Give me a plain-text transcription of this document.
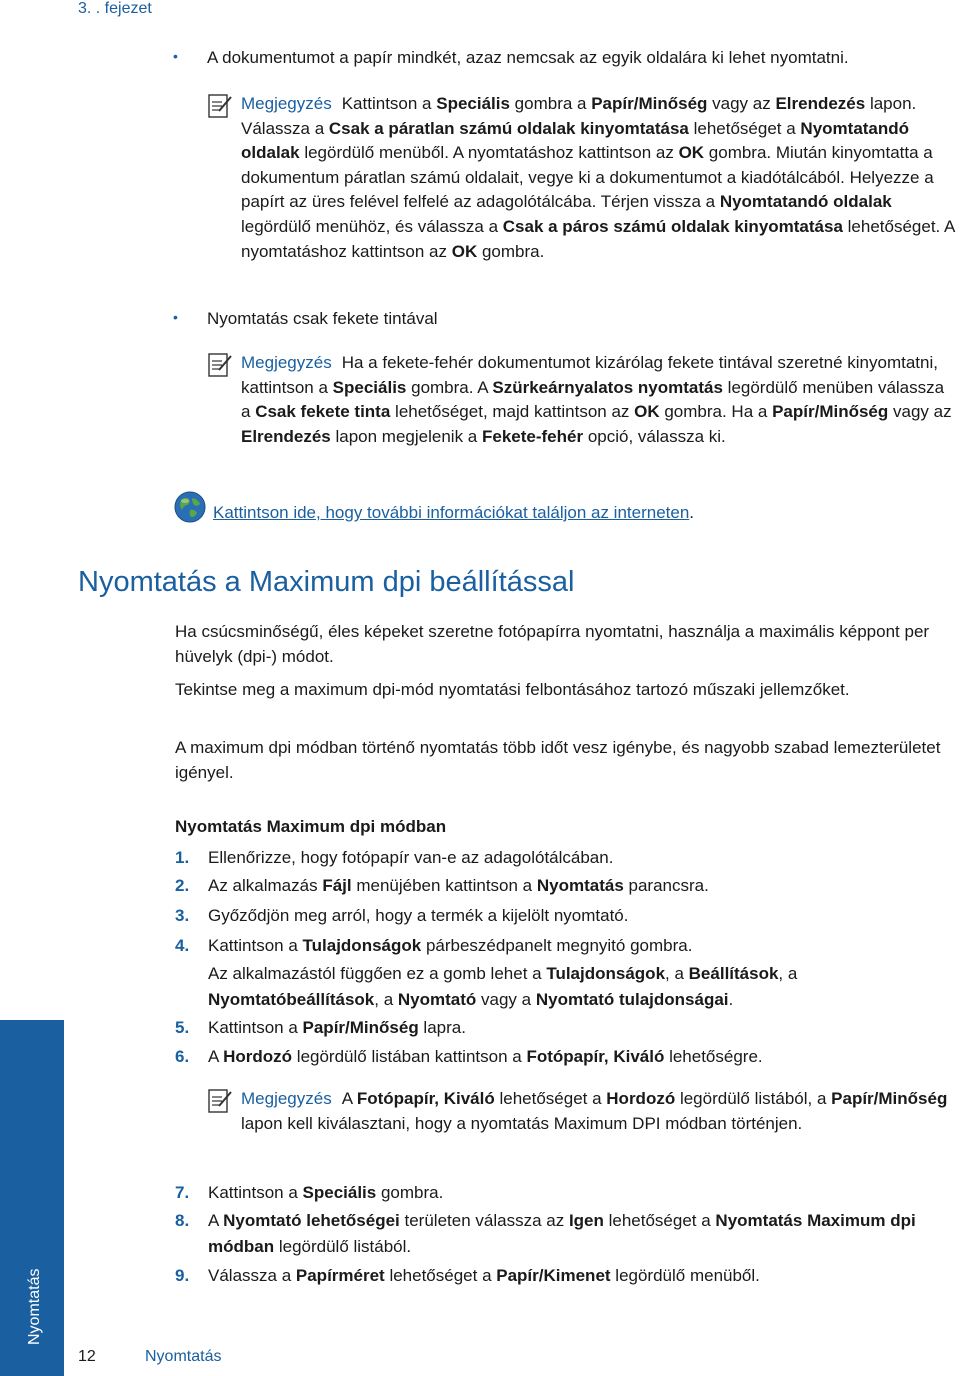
3. . fejezet
• A dokumentumot a papír mindkét, azaz nemcsak az egyik oldalára ki lehet nyomtatni.
Megjegyzés Kattintson a Speciális gombra a Papír/Minőség vagy az Elrendezés lapon. Válassza a Csak a páratlan számú oldalak kinyomtatása lehetőséget a Nyomtatandó oldalak legördülő menüből. A nyomtatáshoz kattintson az OK gombra. Miután kinyomtatta a dokumentum páratlan számú oldalait, vegye ki a dokumentumot a kiadótálcából. Helyezze a papírt az üres felével felfelé az adagolótálcába. Térjen vissza a Nyomtatandó oldalak legördülő menühöz, és válassza a Csak a páros számú oldalak kinyomtatása lehetőséget. A nyomtatáshoz kattintson az OK gombra.
• Nyomtatás csak fekete tintával
Megjegyzés Ha a fekete-fehér dokumentumot kizárólag fekete tintával szeretné kinyomtatni, kattintson a Speciális gombra. A Szürkeárnyalatos nyomtatás legördülő menüben válassza a Csak fekete tinta lehetőséget, majd kattintson az OK gombra. Ha a Papír/Minőség vagy az Elrendezés lapon megjelenik a Fekete-fehér opció, válassza ki.
Kattintson ide, hogy további információkat találjon az interneten.
Nyomtatás a Maximum dpi beállítással
Ha csúcsminőségű, éles képeket szeretne fotópapírra nyomtatni, használja a maximális képpont per hüvelyk (dpi-) módot.
Tekintse meg a maximum dpi-mód nyomtatási felbontásához tartozó műszaki jellemzőket.
A maximum dpi módban történő nyomtatás több időt vesz igénybe, és nagyobb szabad lemezterületet igényel.
Nyomtatás Maximum dpi módban
1. Ellenőrizze, hogy fotópapír van-e az adagolótálcában.
2. Az alkalmazás Fájl menüjében kattintson a Nyomtatás parancsra.
3. Győződjön meg arról, hogy a termék a kijelölt nyomtató.
4. Kattintson a Tulajdonságok párbeszédpanelt megnyitó gombra.
Az alkalmazástól függően ez a gomb lehet a Tulajdonságok, a Beállítások, a Nyomtatóbeállítások, a Nyomtató vagy a Nyomtató tulajdonságai.
5. Kattintson a Papír/Minőség lapra.
6. A Hordozó legördülő listában kattintson a Fotópapír, Kiváló lehetőségre.
7. Kattintson a Speciális gombra.
8. A Nyomtató lehetőségei területen válassza az Igen lehetőséget a Nyomtatás Maximum dpi módban legördülő listából.
9. Válassza a Papírméret lehetőséget a Papír/Kimenet legördülő menüből.
Megjegyzés A Fotópapír, Kiváló lehetőséget a Hordozó legördülő listából, a Papír/Minőség lapon kell kiválasztani, hogy a nyomtatás Maximum DPI módban történjen.
Nyomtatás
12	Nyomtatás
